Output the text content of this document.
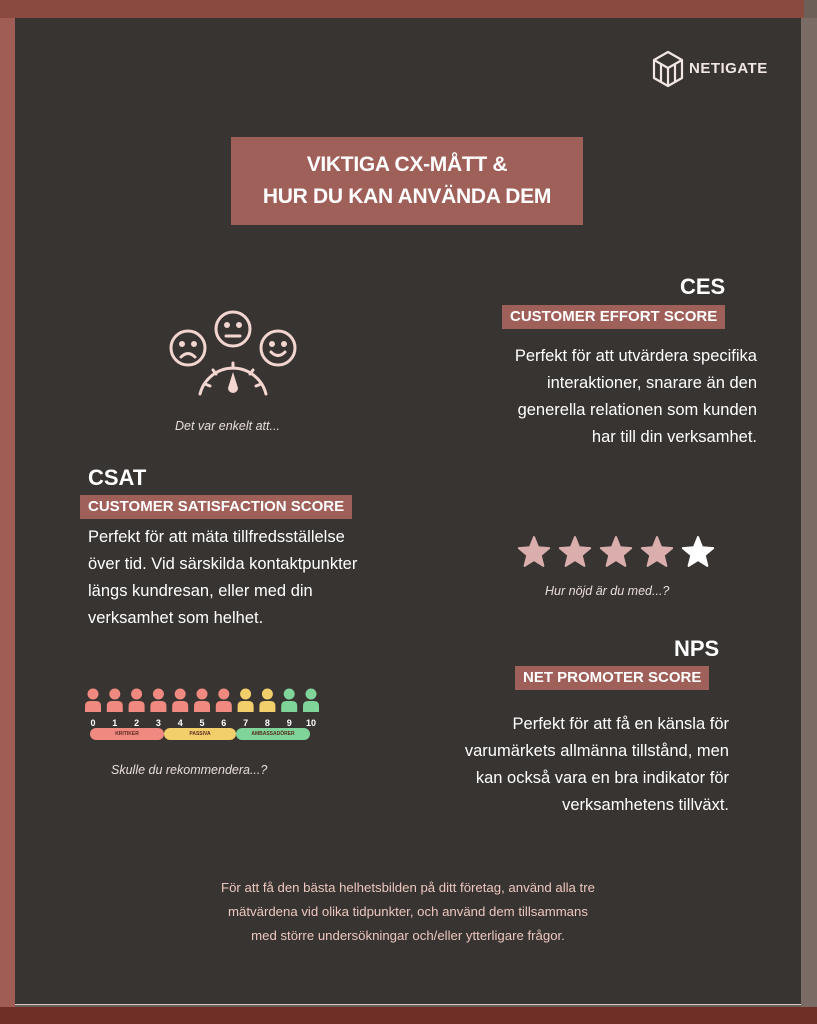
NETIGATE
VIKTIGA CX-MÅTT &
HUR DU KAN ANVÄNDA DEM
CES
CUSTOMER EFFORT SCORE
Perfekt för att utvärdera specifika
interaktioner, snarare än den
generella relationen som kunden
har till din verksamhet.
Det var enkelt att...
CSAT
CUSTOMER SATISFACTION SCORE
Perfekt för att mäta tillfredsställelse
över tid. Vid särskilda kontaktpunkter
längs kundresan, eller med din
verksamhet som helhet.
Hur nöjd är du med...?
NPS
NET PROMOTER SCORE
Perfekt för att få en känsla för
varumärkets allmänna tillstånd, men
kan också vara en bra indikator för
verksamhetens tillväxt.
0 1 2 3 4 5 6 7 8 9 10
KRITIKER	PASSIVA	AMBASSADÖRER
Skulle du rekommendera...?
För att få den bästa helhetsbilden på ditt företag, använd alla tre
mätvärdena vid olika tidpunkter, och använd dem tillsammans
med större undersökningar och/eller ytterligare frågor.
